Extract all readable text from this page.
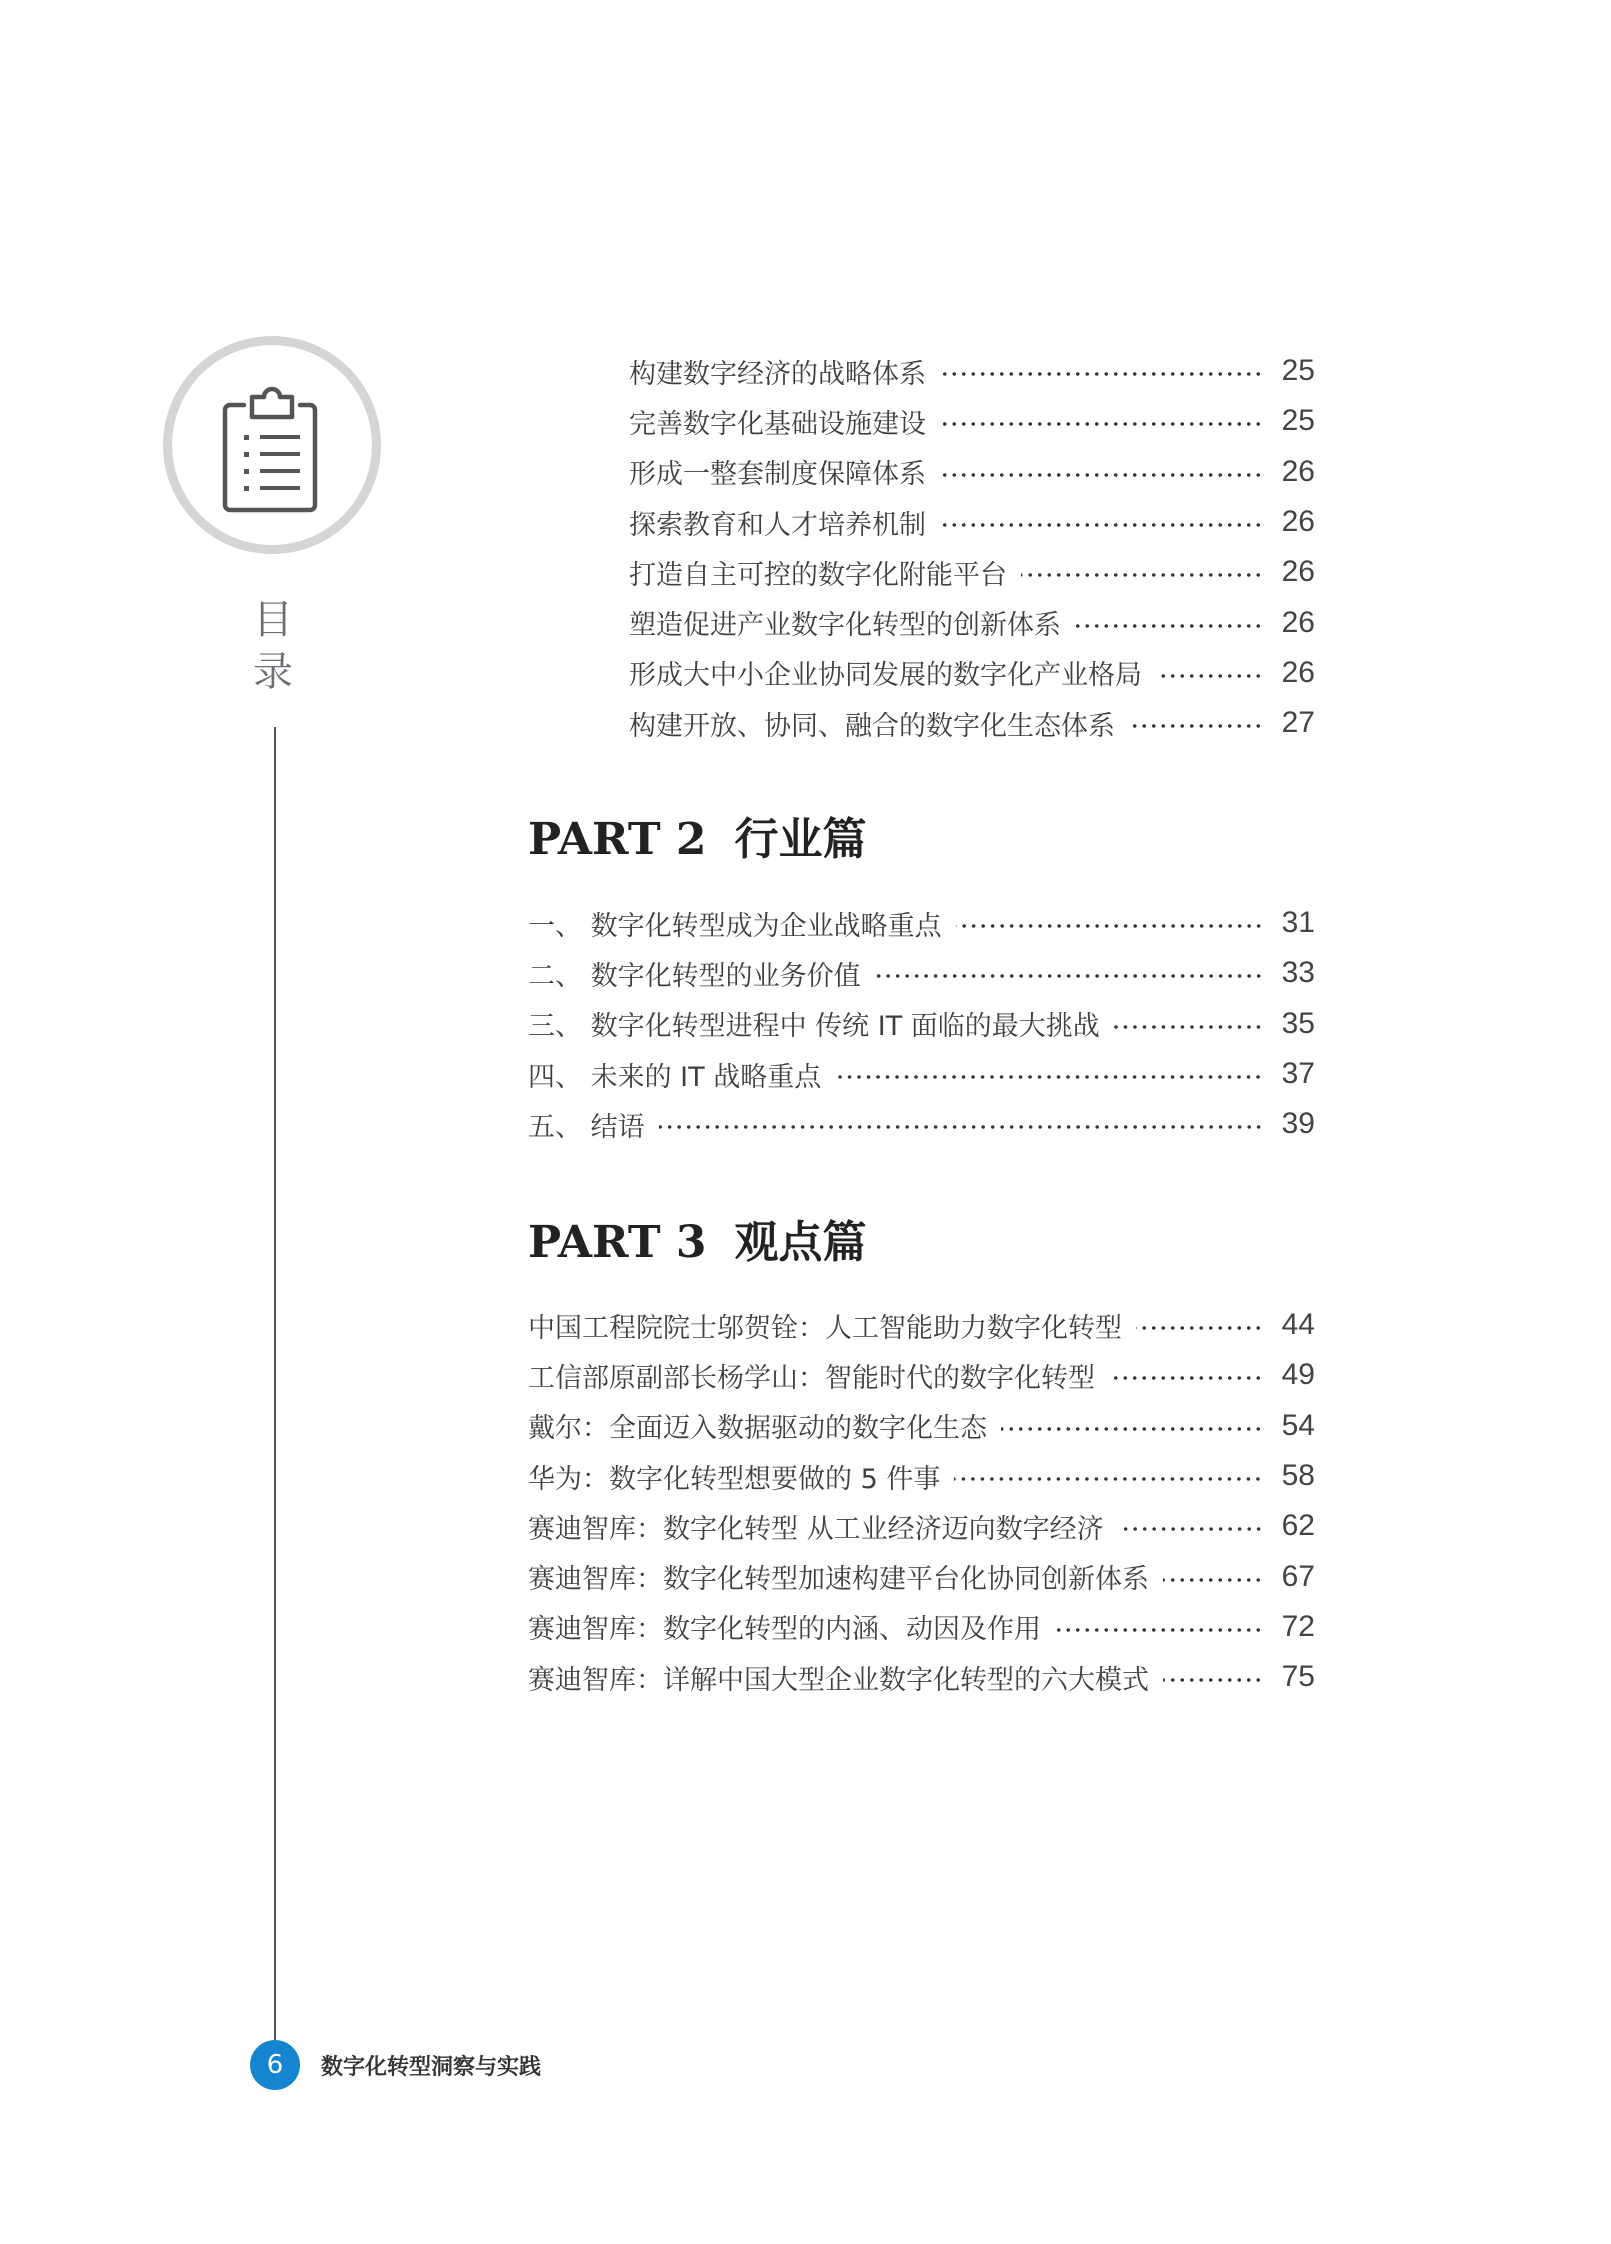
目
录
构建数字经济的战略体系	25
完善数字化基础设施建设	25
形成一整套制度保障体系	26
探索教育和人才培养机制	26
打造自主可控的数字化附能平台	26
塑造促进产业数字化转型的创新体系	26
形成大中小企业协同发展的数字化产业格局	26
构建开放、协同、融合的数字化生态体系	27
PART 2 行业篇
一、 数字化转型成为企业战略重点	31
二、 数字化转型的业务价值	33
三、 数字化转型进程中 传统 IT 面临的最大挑战	35
四、 未来的 IT 战略重点	37
五、 结语	39
PART 3 观点篇
中国工程院院士邬贺铨：人工智能助力数字化转型	44
工信部原副部长杨学山：智能时代的数字化转型	49
戴尔：全面迈入数据驱动的数字化生态	54
华为：数字化转型想要做的 5 件事	58
赛迪智库：数字化转型 从工业经济迈向数字经济	62
赛迪智库：数字化转型加速构建平台化协同创新体系	67
赛迪智库：数字化转型的内涵、动因及作用	72
赛迪智库：详解中国大型企业数字化转型的六大模式	75
6	数字化转型洞察与实践
